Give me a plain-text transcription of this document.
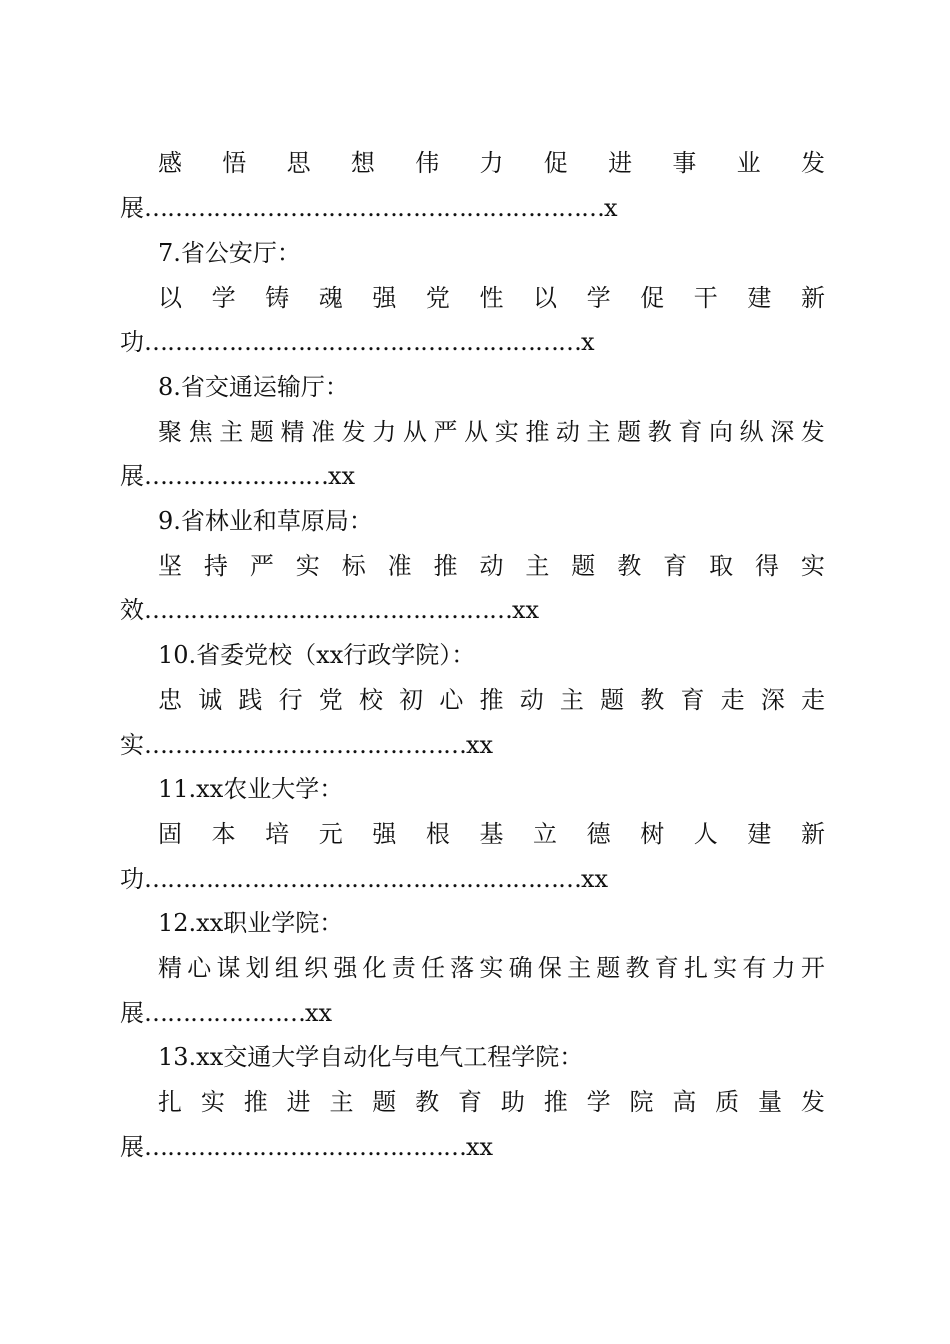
感 悟 思 想 伟 力 促 进 事 业 发
展……………………………………………………x
7.省公安厅：
以 学 铸 魂 强 党 性 以 学 促 干 建 新
功…………………………………………………x
8.省交通运输厅：
聚 焦 主 题 精 准 发 力 从 严 从 实 推 动 主 题 教 育 向 纵 深 发
展……………………xx
9.省林业和草原局：
坚 持 严 实 标 准 推 动 主 题 教 育 取 得 实
效…………………………………………xx
10.省委党校（xx行政学院）：
忠 诚 践 行 党 校 初 心 推 动 主 题 教 育 走 深 走
实……………………………………xx
11.xx农业大学：
固 本 培 元 强 根 基 立 德 树 人 建 新
功…………………………………………………xx
12.xx职业学院：
精 心 谋 划 组 织 强 化 责 任 落 实 确 保 主 题 教 育 扎 实 有 力 开
展…………………xx
13.xx交通大学自动化与电气工程学院：
扎 实 推 进 主 题 教 育 助 推 学 院 高 质 量 发
展……………………………………xx
